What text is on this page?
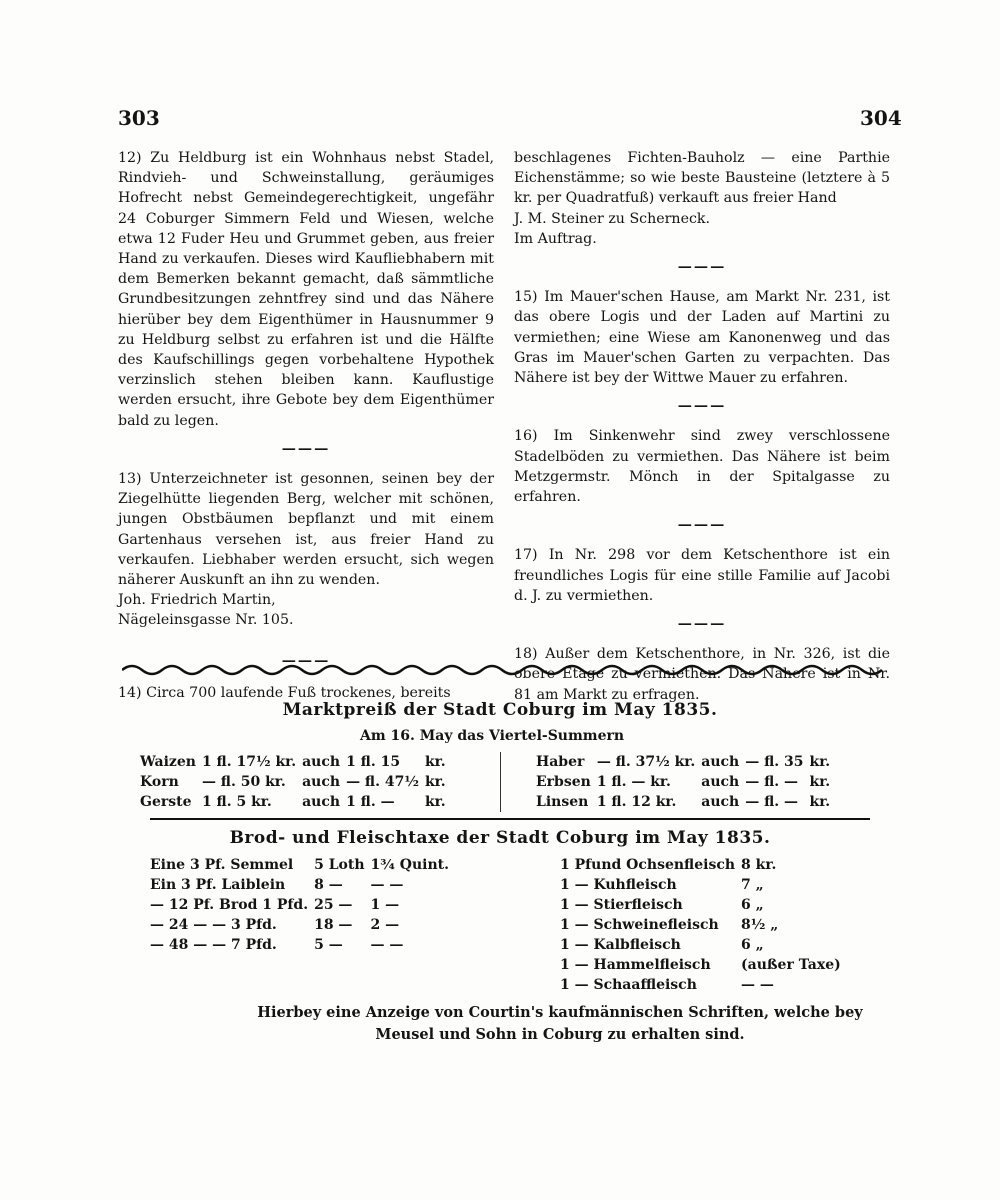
303	304

12) Zu Heldburg ist ein Wohnhaus nebst Stadel, Rindvieh- und Schweinstallung, geräumiges Hofrecht nebst Gemeindegerechtigkeit, ungefähr 24 Coburger Simmern Feld und Wiesen, welche etwa 12 Fuder Heu und Grummet geben, aus freier Hand zu verkaufen. Dieses wird Kaufliebhabern mit dem Bemerken bekannt gemacht, daß sämmtliche Grundbesitzungen zehntfrey sind und das Nähere hierüber bey dem Eigenthümer in Hausnummer 9 zu Heldburg selbst zu erfahren ist und die Hälfte des Kaufschillings gegen vorbehaltene Hypothek verzinslich stehen bleiben kann. Kauflustige werden ersucht, ihre Gebote bey dem Eigenthümer bald zu legen.

———

13) Unterzeichneter ist gesonnen, seinen bey der Ziegelhütte liegenden Berg, welcher mit schönen, jungen Obstbäumen bepflanzt und mit einem Gartenhaus versehen ist, aus freier Hand zu verkaufen. Liebhaber werden ersucht, sich wegen näherer Auskunft an ihn zu wenden.

Joh. Friedrich Martin,

Nägeleinsgasse Nr. 105.

———

14) Circa 700 laufende Fuß trockenes, bereits

beschlagenes Fichten-Bauholz — eine Parthie Eichenstämme; so wie beste Bausteine (letztere à 5 kr. per Quadratfuß) verkauft aus freier Hand

J. M. Steiner zu Scherneck.

Im Auftrag.

———

15) Im Mauer'schen Hause, am Markt Nr. 231, ist das obere Logis und der Laden auf Martini zu vermiethen; eine Wiese am Kanonenweg und das Gras im Mauer'schen Garten zu verpachten. Das Nähere ist bey der Wittwe Mauer zu erfahren.

———

16) Im Sinkenwehr sind zwey verschlossene Stadelböden zu vermiethen. Das Nähere ist beim Metzgermstr. Mönch in der Spitalgasse zu erfahren.

———

17) In Nr. 298 vor dem Ketschenthore ist ein freundliches Logis für eine stille Familie auf Jacobi d. J. zu vermiethen.

———

18) Außer dem Ketschenthore, in Nr. 326, ist die obere Etage zu vermiethen. Das Nähere ist in Nr. 81 am Markt zu erfragen.

Marktpreiß der Stadt Coburg im May 1835.
Am 16. May das Viertel-Summern
Waizen	1 fl. 17½ kr.	auch	1 fl. 15	kr.
Korn	— fl. 50 kr.	auch	— fl. 47½	kr.
Gerste	1 fl. 5 kr.	auch	1 fl. —	kr.
Haber	— fl. 37½ kr.	auch	— fl. 35	kr.
Erbsen	1 fl. — kr.	auch	— fl. —	kr.
Linsen	1 fl. 12 kr.	auch	— fl. —	kr.
Brod- und Fleischtaxe der Stadt Coburg im May 1835.
Eine 3 Pf. Semmel	5 Loth	1¾ Quint.
Ein 3 Pf. Laiblein	8 —	— —
— 12 Pf. Brod 1 Pfd.	25 —	1 —
— 24 — — 3 Pfd.	18 —	2 —
— 48 — — 7 Pfd.	5 —	— —
1 Pfund Ochsenfleisch	8 kr.
1 — Kuhfleisch	7 „
1 — Stierfleisch	6 „
1 — Schweinefleisch	8½ „
1 — Kalbfleisch	6 „
1 — Hammelfleisch	(außer Taxe)
1 — Schaaffleisch	— —
Hierbey eine Anzeige von Courtin's kaufmännischen Schriften, welche bey Meusel und Sohn in Coburg zu erhalten sind.
